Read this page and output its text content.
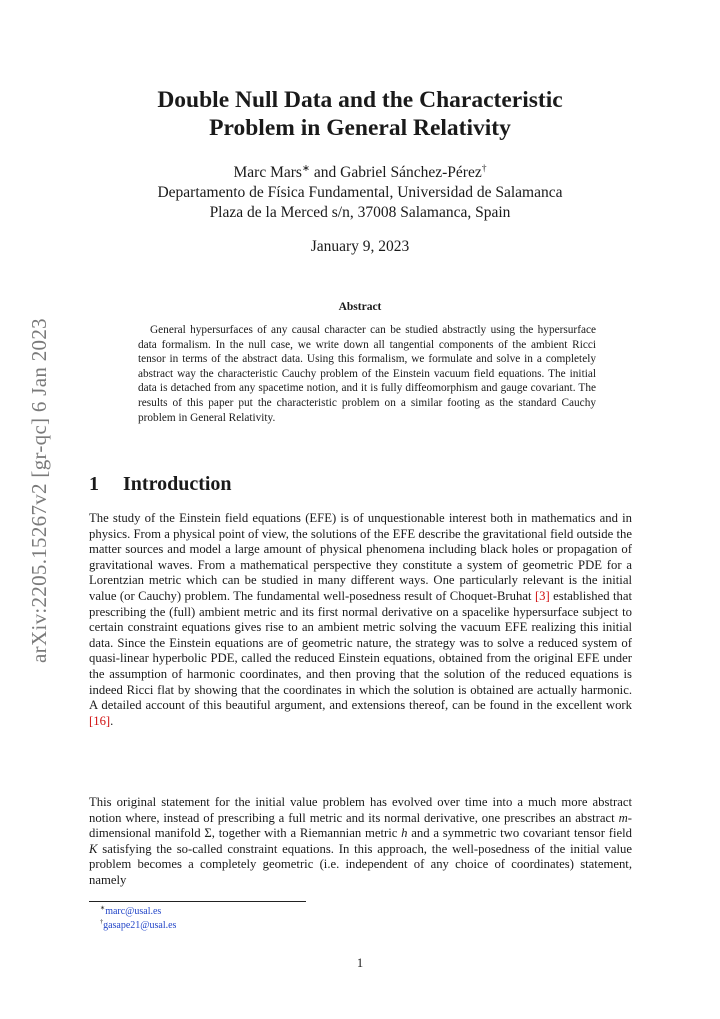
arXiv:2205.15267v2 [gr-qc] 6 Jan 2023
Double Null Data and the Characteristic
Problem in General Relativity
Marc Mars∗ and Gabriel Sánchez-Pérez†
Departamento de Física Fundamental, Universidad de Salamanca
Plaza de la Merced s/n, 37008 Salamanca, Spain
January 9, 2023
Abstract

General hypersurfaces of any causal character can be studied abstractly using the hypersurface data formalism. In the null case, we write down all tangential components of the ambient Ricci tensor in terms of the abstract data. Using this formalism, we formulate and solve in a completely abstract way the characteristic Cauchy problem of the Einstein vacuum field equations. The initial data is detached from any spacetime notion, and it is fully diffeomorphism and gauge covariant. The results of this paper put the characteristic problem on a similar footing as the standard Cauchy problem in General Relativity.

1 Introduction

The study of the Einstein field equations (EFE) is of unquestionable interest both in mathematics and in physics. From a physical point of view, the solutions of the EFE describe the gravitational field outside the matter sources and model a large amount of physical phenomena including black holes or propagation of gravitational waves. From a mathematical perspective they constitute a system of geometric PDE for a Lorentzian metric which can be studied in many different ways. One particularly relevant is the initial value (or Cauchy) problem. The fundamental well-posedness result of Choquet-Bruhat [3] established that prescribing the (full) ambient metric and its first normal derivative on a spacelike hypersurface subject to certain constraint equations gives rise to an ambient metric solving the vacuum EFE realizing this initial data. Since the Einstein equations are of geometric nature, the strategy was to solve a reduced system of quasi-linear hyperbolic PDE, called the reduced Einstein equations, obtained from the original EFE under the assumption of harmonic coordinates, and then proving that the solution of the reduced equations is indeed Ricci flat by showing that the coordinates in which the solution is obtained are actually harmonic. A detailed account of this beautiful argument, and extensions thereof, can be found in the excellent work [16].

This original statement for the initial value problem has evolved over time into a much more abstract notion where, instead of prescribing a full metric and its normal derivative, one prescribes an abstract m-dimensional manifold Σ, together with a Riemannian metric h and a symmetric two covariant tensor field K satisfying the so-called constraint equations. In this approach, the well-posedness of the initial value problem becomes a completely geometric (i.e. independent of any choice of coordinates) statement, namely

∗marc@usal.es
†gasape21@usal.es
1
